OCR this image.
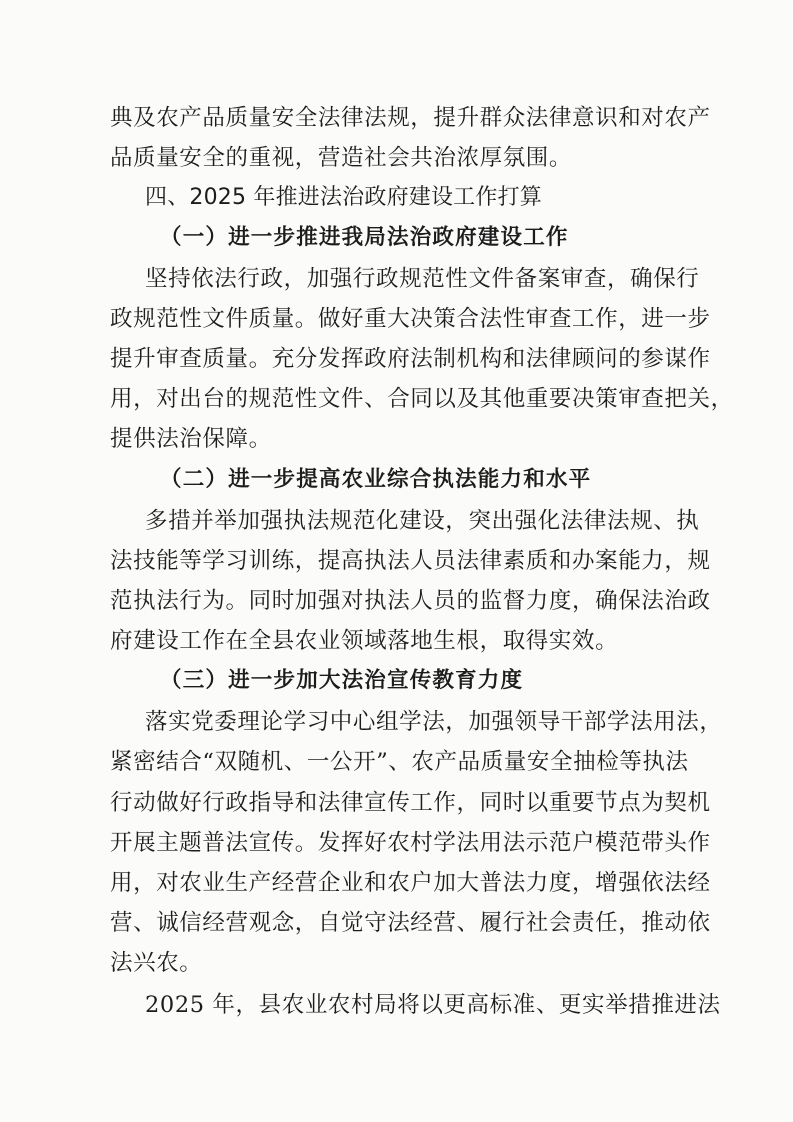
典及农产品质量安全法律法规，提升群众法律意识和对农产
品质量安全的重视，营造社会共治浓厚氛围。
四、2025 年推进法治政府建设工作打算
（一）进一步推进我局法治政府建设工作
坚持依法行政，加强行政规范性文件备案审查，确保行
政规范性文件质量。做好重大决策合法性审查工作，进一步
提升审查质量。充分发挥政府法制机构和法律顾问的参谋作
用，对出台的规范性文件、合同以及其他重要决策审查把关，
提供法治保障。
（二）进一步提高农业综合执法能力和水平
多措并举加强执法规范化建设，突出强化法律法规、执
法技能等学习训练，提高执法人员法律素质和办案能力，规
范执法行为。同时加强对执法人员的监督力度，确保法治政
府建设工作在全县农业领域落地生根，取得实效。
（三）进一步加大法治宣传教育力度
落实党委理论学习中心组学法，加强领导干部学法用法，
紧密结合“双随机、一公开”、农产品质量安全抽检等执法
行动做好行政指导和法律宣传工作，同时以重要节点为契机
开展主题普法宣传。发挥好农村学法用法示范户模范带头作
用，对农业生产经营企业和农户加大普法力度，增强依法经
营、诚信经营观念，自觉守法经营、履行社会责任，推动依
法兴农。
2025 年，县农业农村局将以更高标准、更实举措推进法
